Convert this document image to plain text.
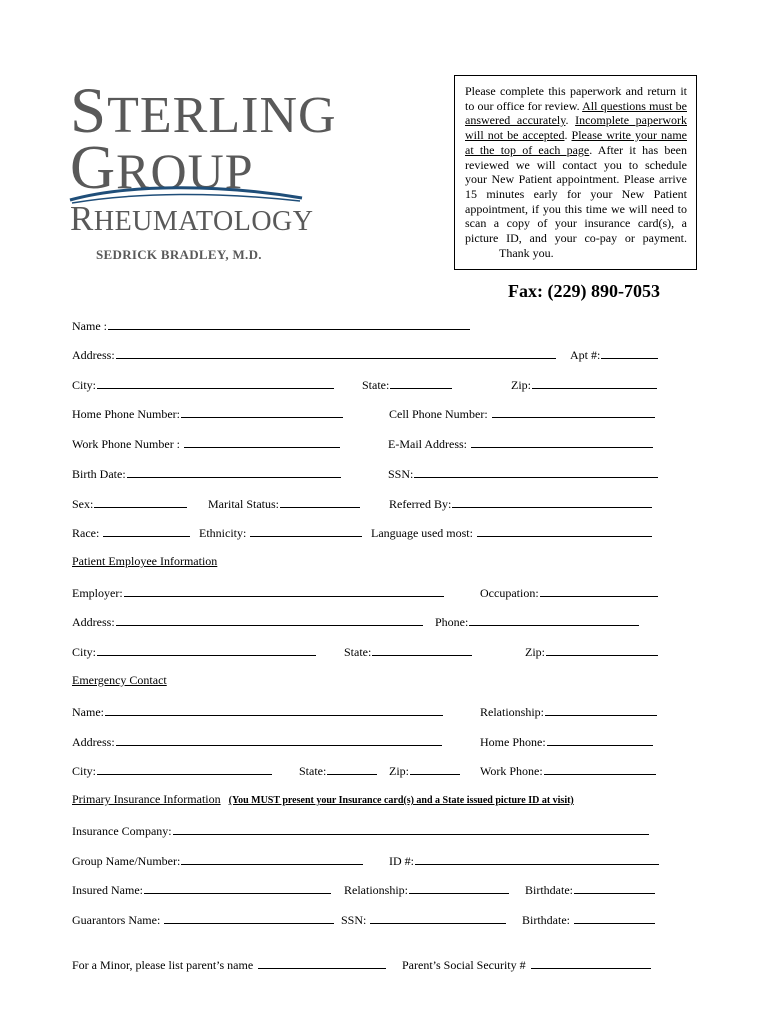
STERLING
GROUP
RHEUMATOLOGY
SEDRICK BRADLEY, M.D.
Please complete this paperwork and return it to our office for review. All questions must be answered accurately. Incomplete paperwork will not be accepted. Please write your name at the top of each page. After it has been reviewed we will contact you to schedule your New Patient appointment. Please arrive 15 minutes early for your New Patient appointment, if you this time we will need to scan a copy of your insurance card(s), a picture ID, and your co-pay or payment. Thank you.
Fax: (229) 890-7053
Name :
Address:	Apt #:
City:	State:	Zip:
Home Phone Number:	Cell Phone Number:
Work Phone Number :	E-Mail Address:
Birth Date:	SSN:
Sex:	Marital Status:	Referred By:
Race:	Ethnicity:	Language used most:
Patient Employee Information
Employer:	Occupation:
Address:	Phone:
City:	State:	Zip:
Emergency Contact
Name:	Relationship:
Address:	Home Phone:
City:	State:	Zip:	Work Phone:
Primary Insurance Information (You MUST present your Insurance card(s) and a State issued picture ID at visit)
Insurance Company:
Group Name/Number:	ID #:
Insured Name:	Relationship:	Birthdate:
Guarantors Name:	SSN:	Birthdate:
For a Minor, please list parent’s name	Parent’s Social Security #
